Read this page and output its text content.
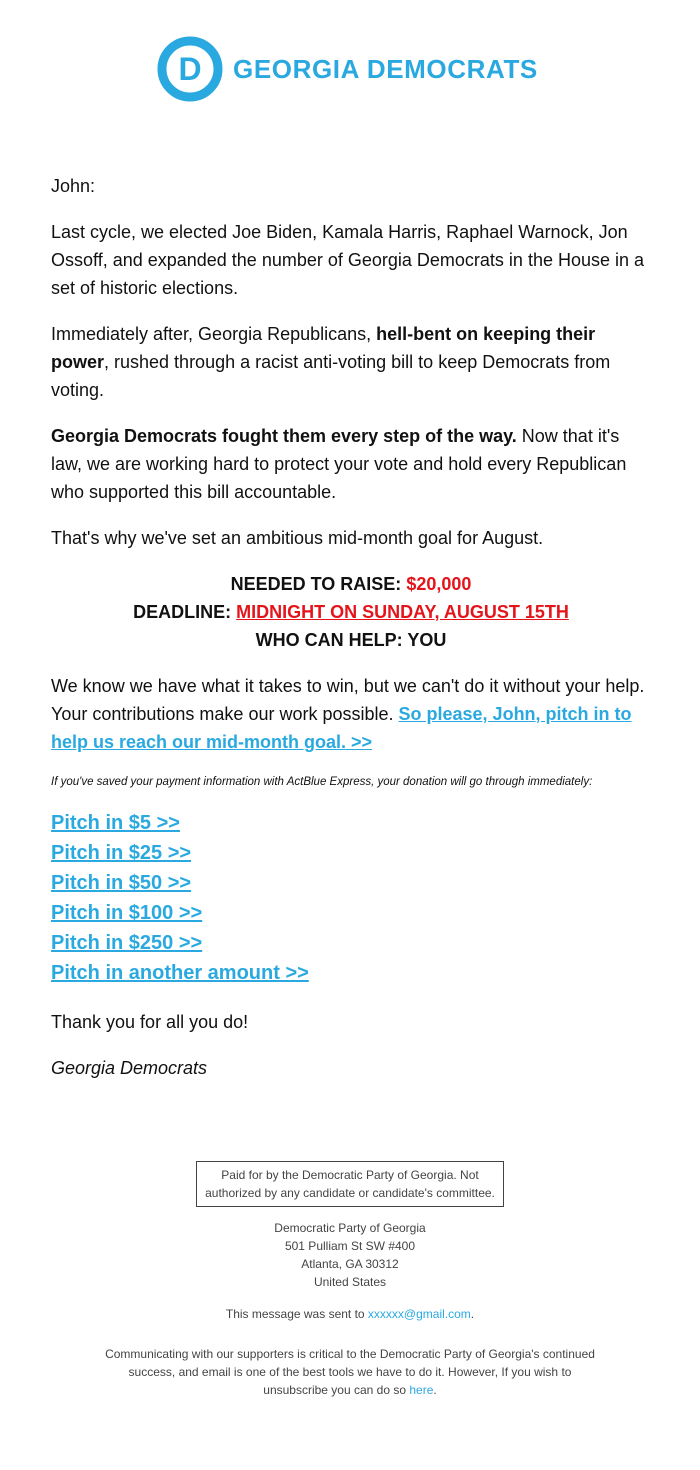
D GEORGIA DEMOCRATS

John:

Last cycle, we elected Joe Biden, Kamala Harris, Raphael Warnock, Jon Ossoff, and expanded the number of Georgia Democrats in the House in a set of historic elections.

Immediately after, Georgia Republicans, hell-bent on keeping their power, rushed through a racist anti-voting bill to keep Democrats from voting.

Georgia Democrats fought them every step of the way. Now that it's law, we are working hard to protect your vote and hold every Republican who supported this bill accountable.

That's why we've set an ambitious mid-month goal for August.

NEEDED TO RAISE: $20,000
DEADLINE: MIDNIGHT ON SUNDAY, AUGUST 15TH
WHO CAN HELP: YOU

We know we have what it takes to win, but we can't do it without your help. Your contributions make our work possible. So please, John, pitch in to help us reach our mid-month goal. >>

If you've saved your payment information with ActBlue Express, your donation will go through immediately:

Pitch in $5 >>
Pitch in $25 >>
Pitch in $50 >>
Pitch in $100 >>
Pitch in $250 >>
Pitch in another amount >>

Thank you for all you do!

Georgia Democrats

Paid for by the Democratic Party of Georgia. Not authorized by any candidate or candidate's committee.
Democratic Party of Georgia
501 Pulliam St SW #400
Atlanta, GA 30312
United States
This message was sent to xxxxxx@gmail.com.
Communicating with our supporters is critical to the Democratic Party of Georgia's continued success, and email is one of the best tools we have to do it. However, If you wish to unsubscribe you can do so here.
